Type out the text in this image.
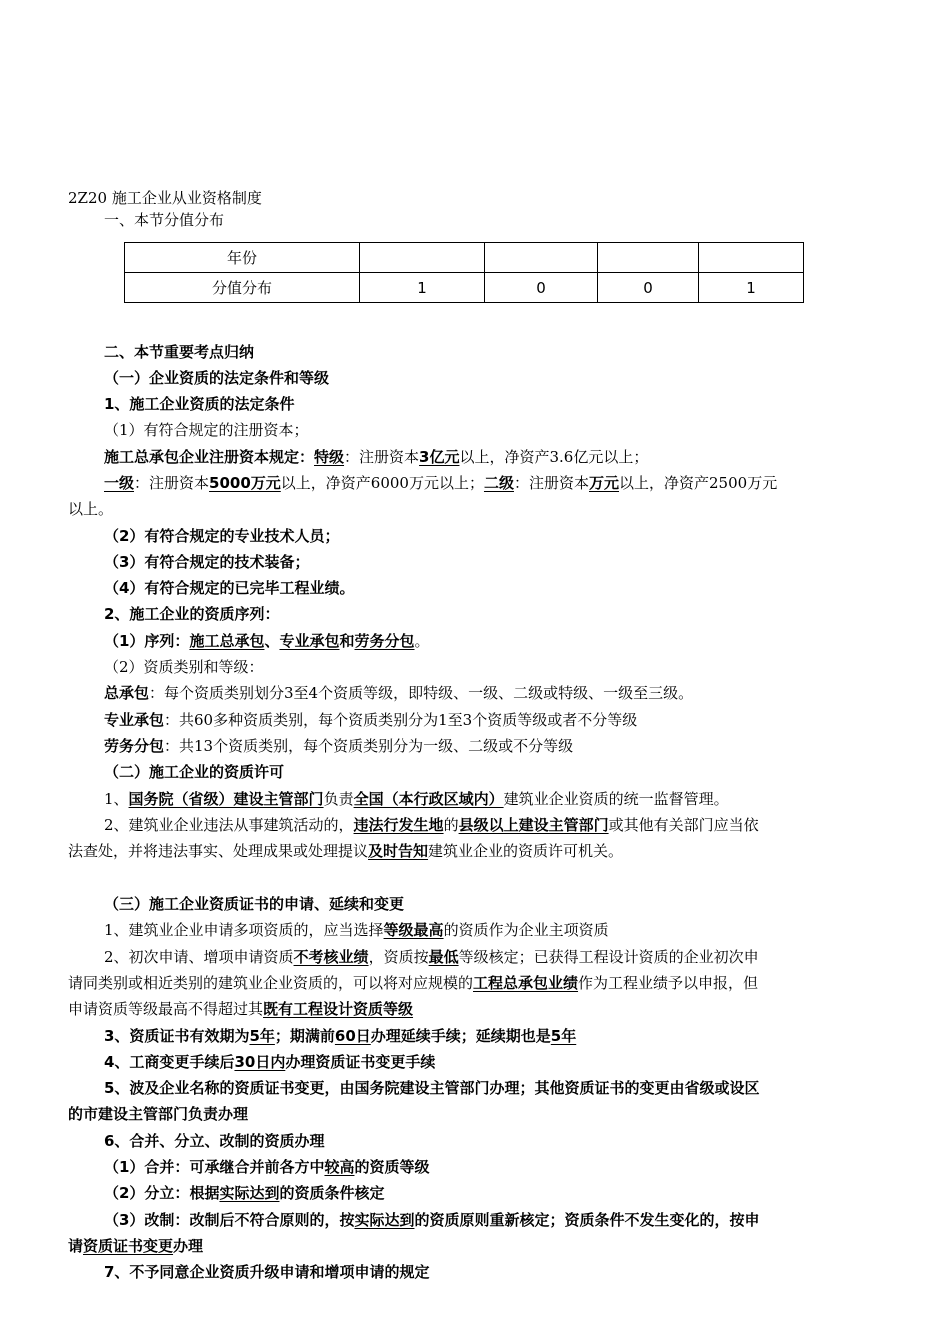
2Z20 施工企业从业资格制度
一、本节分值分布
年份				
分值分布	1	0	0	1
二、本节重要考点归纳
（一）企业资质的法定条件和等级
1、施工企业资质的法定条件
（1）有符合规定的注册资本；
施工总承包企业注册资本规定：特级：注册资本3亿元以上，净资产3.6亿元以上；
一级：注册资本5000万元以上，净资产6000万元以上；二级：注册资本万元以上，净资产2500万元
以上。
（2）有符合规定的专业技术人员；
（3）有符合规定的技术装备；
（4）有符合规定的已完毕工程业绩。
2、施工企业的资质序列：
（1）序列：施工总承包、专业承包和劳务分包。
（2）资质类别和等级：
总承包：每个资质类别划分3至4个资质等级，即特级、一级、二级或特级、一级至三级。
专业承包：共60多种资质类别，每个资质类别分为1至3个资质等级或者不分等级
劳务分包：共13个资质类别，每个资质类别分为一级、二级或不分等级
（二）施工企业的资质许可
1、国务院（省级）建设主管部门负责全国（本行政区域内）建筑业企业资质的统一监督管理。
2、建筑业企业违法从事建筑活动的，违法行发生地的县级以上建设主管部门或其他有关部门应当依
法查处，并将违法事实、处理成果或处理提议及时告知建筑业企业的资质许可机关。
（三）施工企业资质证书的申请、延续和变更
1、建筑业企业申请多项资质的，应当选择等级最高的资质作为企业主项资质
2、初次申请、增项申请资质不考核业绩，资质按最低等级核定；已获得工程设计资质的企业初次申
请同类别或相近类别的建筑业企业资质的，可以将对应规模的工程总承包业绩作为工程业绩予以申报，但
申请资质等级最高不得超过其既有工程设计资质等级
3、资质证书有效期为5年；期满前60日办理延续手续；延续期也是5年
4、工商变更手续后30日内办理资质证书变更手续
5、波及企业名称的资质证书变更，由国务院建设主管部门办理；其他资质证书的变更由省级或设区
的市建设主管部门负责办理
6、合并、分立、改制的资质办理
（1）合并：可承继合并前各方中较高的资质等级
（2）分立：根据实际达到的资质条件核定
（3）改制：改制后不符合原则的，按实际达到的资质原则重新核定；资质条件不发生变化的，按申
请资质证书变更办理
7、不予同意企业资质升级申请和增项申请的规定
